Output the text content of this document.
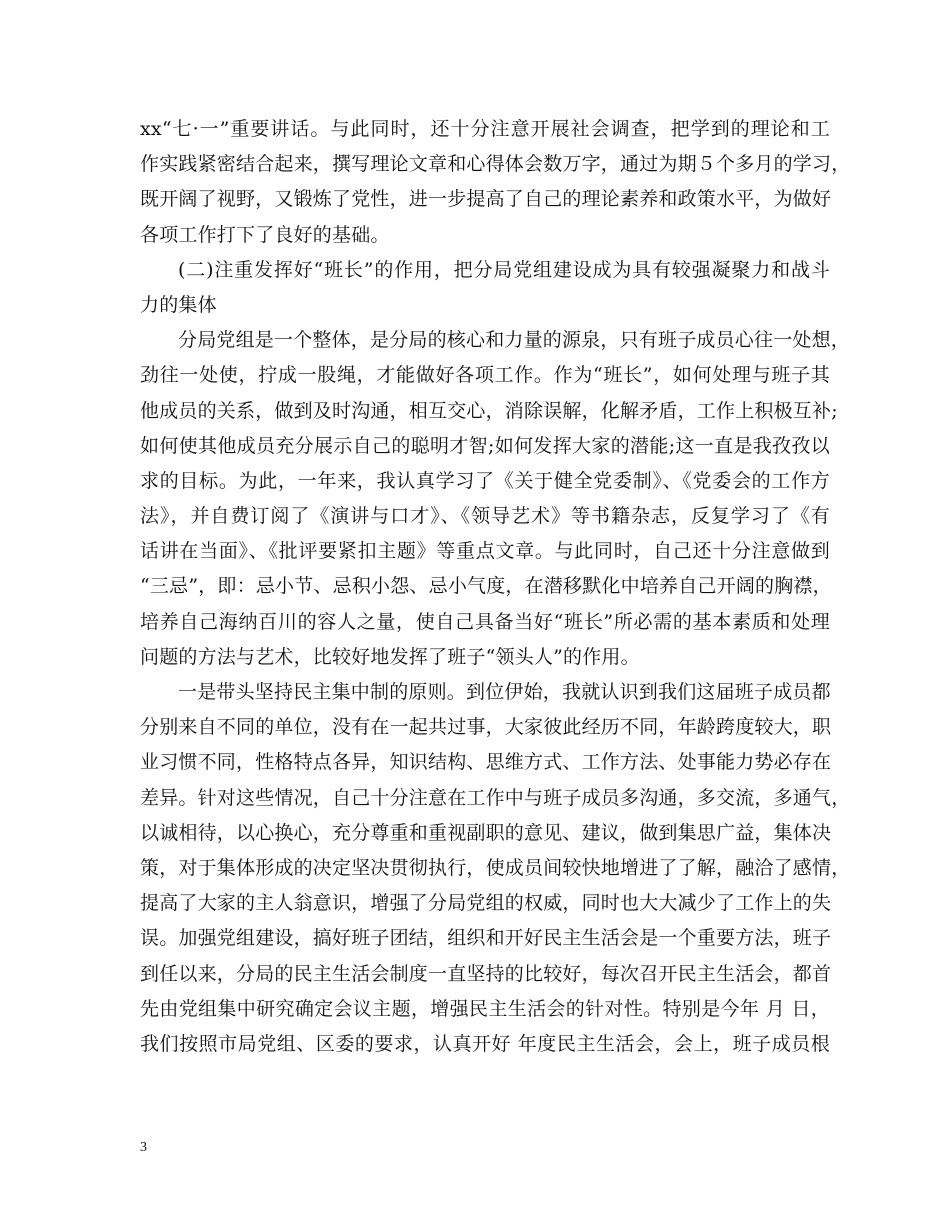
xx“七·一”重要讲话。与此同时，还十分注意开展社会调查，把学到的理论和工
作实践紧密结合起来，撰写理论文章和心得体会数万字，通过为期５个多月的学习，
既开阔了视野，又锻炼了党性，进一步提高了自己的理论素养和政策水平，为做好
各项工作打下了良好的基础。
(二)注重发挥好“班长”的作用，把分局党组建设成为具有较强凝聚力和战斗
力的集体
分局党组是一个整体，是分局的核心和力量的源泉，只有班子成员心往一处想，
劲往一处使，拧成一股绳，才能做好各项工作。作为“班长”，如何处理与班子其
他成员的关系，做到及时沟通，相互交心，消除误解，化解矛盾，工作上积极互补;
如何使其他成员充分展示自己的聪明才智;如何发挥大家的潜能;这一直是我孜孜以
求的目标。为此，一年来，我认真学习了《关于健全党委制》、《党委会的工作方
法》，并自费订阅了《演讲与口才》、《领导艺术》等书籍杂志，反复学习了《有
话讲在当面》、《批评要紧扣主题》等重点文章。与此同时，自己还十分注意做到
“三忌”，即：忌小节、忌积小怨、忌小气度，在潜移默化中培养自己开阔的胸襟，
培养自己海纳百川的容人之量，使自己具备当好“班长”所必需的基本素质和处理
问题的方法与艺术，比较好地发挥了班子“领头人”的作用。
一是带头坚持民主集中制的原则。到位伊始，我就认识到我们这届班子成员都
分别来自不同的单位，没有在一起共过事，大家彼此经历不同，年龄跨度较大，职
业习惯不同，性格特点各异，知识结构、思维方式、工作方法、处事能力势必存在
差异。针对这些情况，自己十分注意在工作中与班子成员多沟通，多交流，多通气，
以诚相待，以心换心，充分尊重和重视副职的意见、建议，做到集思广益，集体决
策，对于集体形成的决定坚决贯彻执行，使成员间较快地增进了了解，融洽了感情，
提高了大家的主人翁意识，增强了分局党组的权威，同时也大大减少了工作上的失
误。加强党组建设，搞好班子团结，组织和开好民主生活会是一个重要方法，班子
到任以来，分局的民主生活会制度一直坚持的比较好，每次召开民主生活会，都首
先由党组集中研究确定会议主题，增强民主生活会的针对性。特别是今年 月 日，
我们按照市局党组、区委的要求，认真开好 年度民主生活会，会上，班子成员根
3
